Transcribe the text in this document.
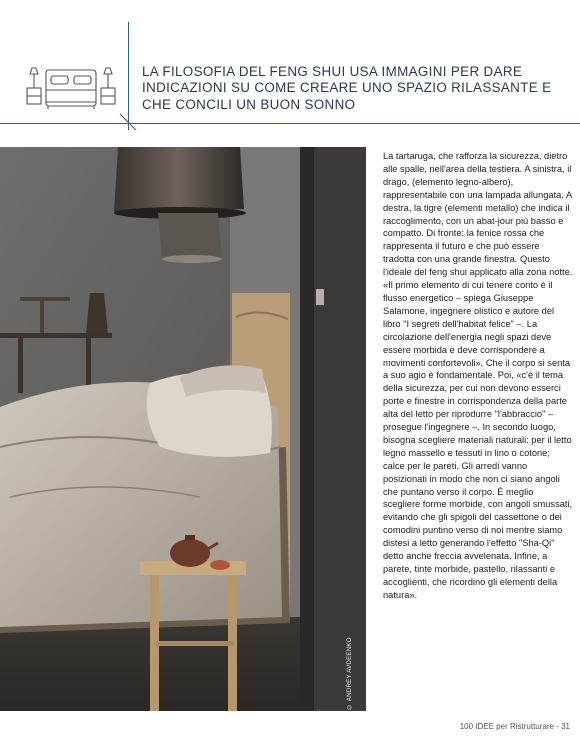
LA FILOSOFIA DEL FENG SHUI USA IMMAGINI PER DARE INDICAZIONI SU COME CREARE UNO SPAZIO RILASSANTE E CHE CONCILI UN BUON SONNO
© ANDREY AVDEENKO

La tartaruga, che rafforza la sicurezza, dietro alle spalle, nell'area della testiera. A sinistra, il drago, (elemento legno-albero), rappresentabile con una lampada allungata. A destra, la tigre (elementi metallo) che indica il raccoglimento, con un abat-jour più basso e compatto. Di fronte: la fenice rossa che rappresenta il futuro e che può essere tradotta con una grande finestra. Questo l'ideale del feng shui applicato alla zona notte.

«Il primo elemento di cui tenere conto è il flusso energetico – spiega Giuseppe Salamone, ingegnere olistico e autore del libro "I segreti dell'habitat felice" –. La circolazione dell'energia negli spazi deve essere morbida e deve corrispondere a movimenti confortevoli». Che il corpo si senta a suo agio è fondamentale. Poi, «c'è il tema della sicurezza, per cui non devono esserci porte e finestre in corrispondenza della parte alta del letto per riprodurre "l'abbraccio" – prosegue l'ingegnere –. In secondo luogo, bisogna scegliere materiali naturali: per il letto legno massello e tessuti in lino o cotone; calce per le pareti. Gli arredi vanno posizionati in modo che non ci siano angoli che puntano verso il corpo. È meglio scegliere forme morbide, con angoli smussati, evitando che gli spigoli del cassettone o dei comodini puntino verso di noi mentre siamo distesi a letto generando l'effetto "Sha-Qi" detto anche freccia avvelenata. Infine, a parete, tinte morbide, pastello, rilassanti e accoglienti, che ricordino gli elementi della natura».

100 IDEE per Ristrutturare - 31
